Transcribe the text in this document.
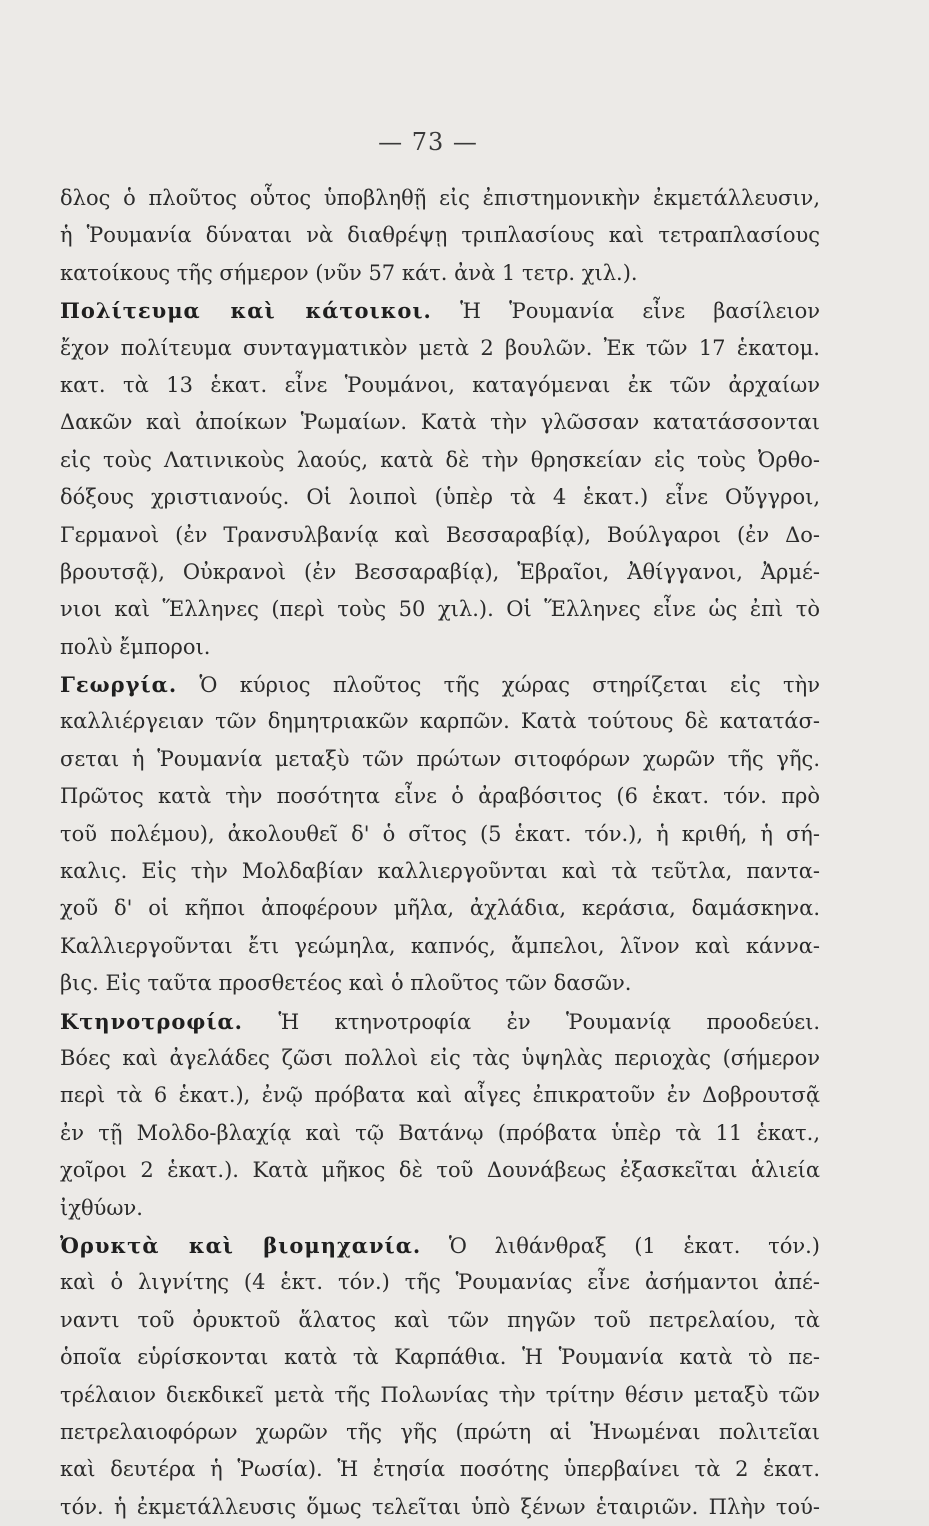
— 73 —
δλος ὁ πλοῦτος οὗτος ὑποβληθῇ εἰς ἐπιστημονικὴν ἐκμετάλλευσιν,
ἡ Ῥουμανία δύναται νὰ διαθρέψῃ τριπλασίους καὶ τετραπλασίους
κατοίκους τῆς σήμερον (νῦν 57 κάτ. ἀνὰ 1 τετρ. χιλ.).
Πολίτευμα καὶ κάτοικοι. Ἡ Ῥουμανία εἶνε βασίλειον
ἔχον πολίτευμα συνταγματικὸν μετὰ 2 βουλῶν. Ἐκ τῶν 17 ἑκατομ.
κατ. τὰ 13 ἑκατ. εἶνε Ῥουμάνοι, καταγόμεναι ἐκ τῶν ἀρχαίων
Δακῶν καὶ ἀποίκων Ῥωμαίων. Κατὰ τὴν γλῶσσαν κατατάσσονται
εἰς τοὺς Λατινικοὺς λαούς, κατὰ δὲ τὴν θρησκείαν εἰς τοὺς Ὀρθο-
δόξους χριστιανούς. Οἱ λοιποὶ (ὑπὲρ τὰ 4 ἑκατ.) εἶνε Οὔγγροι,
Γερμανοὶ (ἐν Τρανσυλβανίᾳ καὶ Βεσσαραβίᾳ), Βούλγαροι (ἐν Δο-
βρουτσᾷ), Οὐκρανοὶ (ἐν Βεσσαραβίᾳ), Ἑβραῖοι, Ἀθίγγανοι, Ἀρμέ-
νιοι καὶ Ἕλληνες (περὶ τοὺς 50 χιλ.). Οἱ Ἕλληνες εἶνε ὡς ἐπὶ τὸ
πολὺ ἔμποροι.
Γεωργία. Ὁ κύριος πλοῦτος τῆς χώρας στηρίζεται εἰς τὴν
καλλιέργειαν τῶν δημητριακῶν καρπῶν. Κατὰ τούτους δὲ κατατάσ-
σεται ἡ Ῥουμανία μεταξὺ τῶν πρώτων σιτοφόρων χωρῶν τῆς γῆς.
Πρῶτος κατὰ τὴν ποσότητα εἶνε ὁ ἀραβόσιτος (6 ἑκατ. τόν. πρὸ
τοῦ πολέμου), ἀκολουθεῖ δ' ὁ σῖτος (5 ἑκατ. τόν.), ἡ κριθή, ἡ σή-
καλις. Εἰς τὴν Μολδαβίαν καλλιεργοῦνται καὶ τὰ τεῦτλα, παντα-
χοῦ δ' οἱ κῆποι ἀποφέρουν μῆλα, ἀχλάδια, κεράσια, δαμάσκηνα.
Καλλιεργοῦνται ἔτι γεώμηλα, καπνός, ἄμπελοι, λῖνον καὶ κάννα-
βις. Εἰς ταῦτα προσθετέος καὶ ὁ πλοῦτος τῶν δασῶν.
Κτηνοτροφία. Ἡ κτηνοτροφία ἐν Ῥουμανίᾳ προοδεύει.
Βόες καὶ ἀγελάδες ζῶσι πολλοὶ εἰς τὰς ὑψηλὰς περιοχὰς (σήμερον
περὶ τὰ 6 ἑκατ.), ἐνῷ πρόβατα καὶ αἶγες ἐπικρατοῦν ἐν Δοβρουτσᾷ
ἐν τῇ Μολδο-βλαχίᾳ καὶ τῷ Βατάνῳ (πρόβατα ὑπὲρ τὰ 11 ἑκατ.,
χοῖροι 2 ἑκατ.). Κατὰ μῆκος δὲ τοῦ Δουνάβεως ἐξασκεῖται ἁλιεία
ἰχθύων.
Ὀρυκτὰ καὶ βιομηχανία. Ὁ λιθάνθραξ (1 ἑκατ. τόν.)
καὶ ὁ λιγνίτης (4 ἑκτ. τόν.) τῆς Ῥουμανίας εἶνε ἀσήμαντοι ἀπέ-
ναντι τοῦ ὀρυκτοῦ ἅλατος καὶ τῶν πηγῶν τοῦ πετρελαίου, τὰ
ὁποῖα εὑρίσκονται κατὰ τὰ Καρπάθια. Ἡ Ῥουμανία κατὰ τὸ πε-
τρέλαιον διεκδικεῖ μετὰ τῆς Πολωνίας τὴν τρίτην θέσιν μεταξὺ τῶν
πετρελαιοφόρων χωρῶν τῆς γῆς (πρώτη αἱ Ἡνωμέναι πολιτεῖαι
καὶ δευτέρα ἡ Ῥωσία). Ἡ ἐτησία ποσότης ὑπερβαίνει τὰ 2 ἑκατ.
τόν. ἡ ἐκμετάλλευσις ὅμως τελεῖται ὑπὸ ξένων ἑταιριῶν. Πλὴν τού-
